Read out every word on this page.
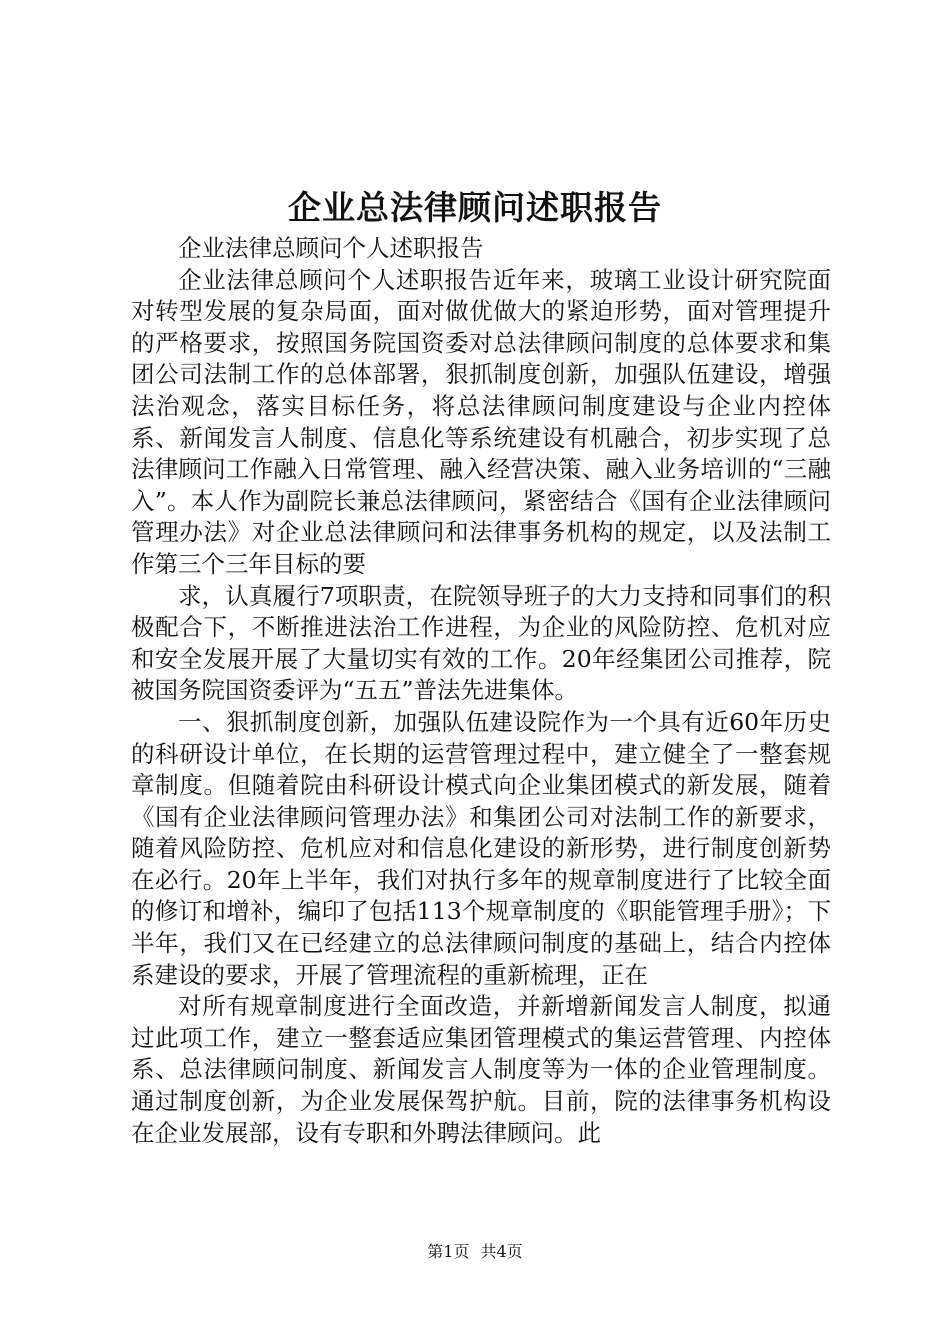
企业总法律顾问述职报告

企业法律总顾问个人述职报告

企业法律总顾问个人述职报告近年来，玻璃工业设计研究院面对转型发展的复杂局面，面对做优做大的紧迫形势，面对管理提升的严格要求，按照国务院国资委对总法律顾问制度的总体要求和集团公司法制工作的总体部署，狠抓制度创新，加强队伍建设，增强法治观念，落实目标任务，将总法律顾问制度建设与企业内控体系、新闻发言人制度、信息化等系统建设有机融合，初步实现了总法律顾问工作融入日常管理、融入经营决策、融入业务培训的“三融入”。本人作为副院长兼总法律顾问，紧密结合《国有企业法律顾问管理办法》对企业总法律顾问和法律事务机构的规定，以及法制工作第三个三年目标的要

求，认真履行7项职责，在院领导班子的大力支持和同事们的积极配合下，不断推进法治工作进程，为企业的风险防控、危机对应和安全发展开展了大量切实有效的工作。20年经集团公司推荐，院被国务院国资委评为“五五”普法先进集体。

一、狠抓制度创新，加强队伍建设院作为一个具有近60年历史的科研设计单位，在长期的运营管理过程中，建立健全了一整套规章制度。但随着院由科研设计模式向企业集团模式的新发展，随着《国有企业法律顾问管理办法》和集团公司对法制工作的新要求，随着风险防控、危机应对和信息化建设的新形势，进行制度创新势在必行。20年上半年，我们对执行多年的规章制度进行了比较全面的修订和增补，编印了包括113个规章制度的《职能管理手册》；下半年，我们又在已经建立的总法律顾问制度的基础上，结合内控体系建设的要求，开展了管理流程的重新梳理，正在

对所有规章制度进行全面改造，并新增新闻发言人制度，拟通过此项工作，建立一整套适应集团管理模式的集运营管理、内控体系、总法律顾问制度、新闻发言人制度等为一体的企业管理制度。通过制度创新，为企业发展保驾护航。目前，院的法律事务机构设在企业发展部，设有专职和外聘法律顾问。此

第1页 共4页
